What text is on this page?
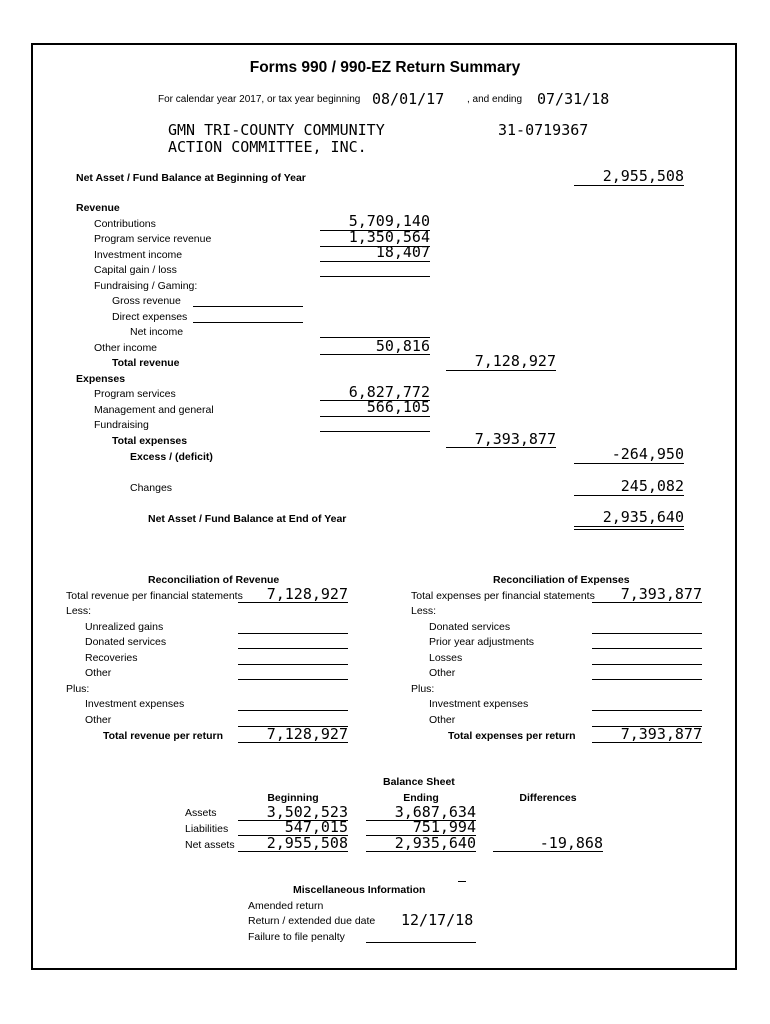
Forms 990 / 990-EZ Return Summary
For calendar year 2017, or tax year beginning 08/01/17 , and ending 07/31/18
GMN TRI-COUNTY COMMUNITY
ACTION COMMITTEE, INC.
31-0719367
Net Asset / Fund Balance at Beginning of Year	2,955,508
Revenue
Contributions	5,709,140
Program service revenue	1,350,564
Investment income	18,407
Capital gain / loss
Fundraising / Gaming:
Gross revenue
Direct expenses
Net income
Other income	50,816
Total revenue	7,128,927
Expenses
Program services	6,827,772
Management and general	566,105
Fundraising
Total expenses	7,393,877
Excess / (deficit)	-264,950
Changes	245,082
Net Asset / Fund Balance at End of Year	2,935,640
Reconciliation of Revenue
Total revenue per financial statements	7,128,927
Less:
Unrealized gains
Donated services
Recoveries
Other
Plus:
Investment expenses
Other
Total revenue per return	7,128,927
Reconciliation of Expenses
Total expenses per financial statements	7,393,877
Less:
Donated services
Prior year adjustments
Losses
Other
Plus:
Investment expenses
Other
Total expenses per return	7,393,877
Balance Sheet
Beginning	Ending	Differences
Assets	3,502,523	3,687,634
Liabilities	547,015	751,994
Net assets	2,955,508	2,935,640	-19,868
Miscellaneous Information
Amended return
Return / extended due date 12/17/18
Failure to file penalty
